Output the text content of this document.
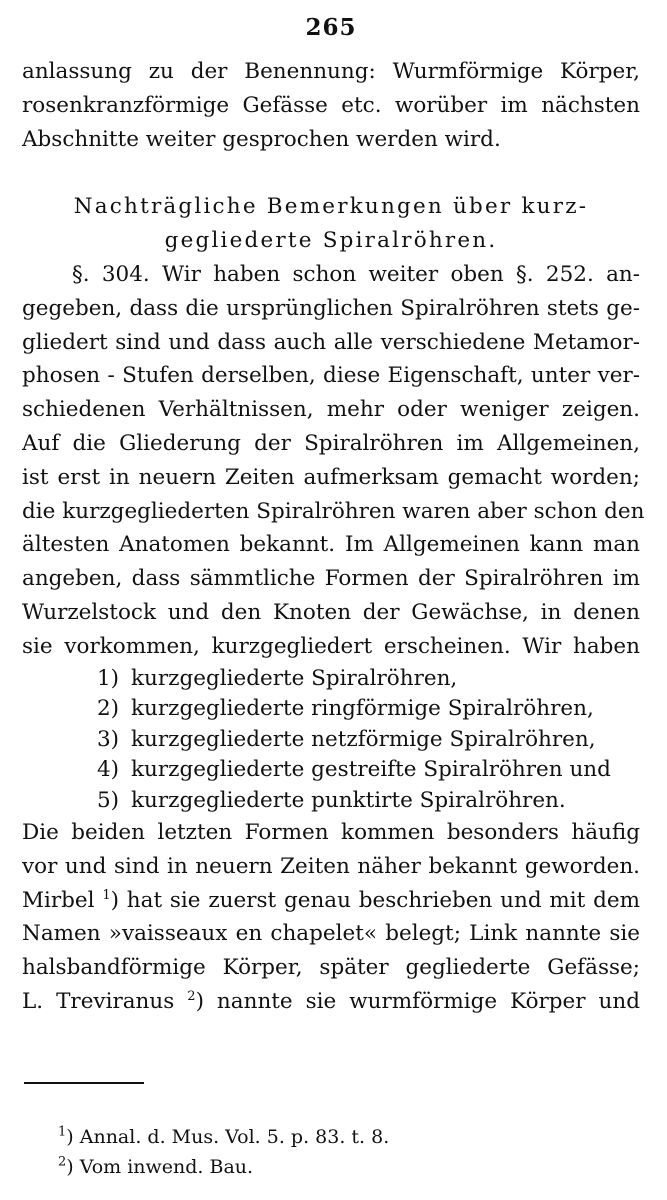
265
anlassung zu der Benennung: Wurmförmige Körper,
rosenkranzförmige Gefässe etc. worüber im nächsten
Abschnitte weiter gesprochen werden wird.
Nachträgliche Bemerkungen über kurz-
gegliederte Spiralröhren.
§. 304. Wir haben schon weiter oben §. 252. an-
gegeben, dass die ursprünglichen Spiralröhren stets ge-
gliedert sind und dass auch alle verschiedene Metamor-
phosen - Stufen derselben, diese Eigenschaft, unter ver-
schiedenen Verhältnissen, mehr oder weniger zeigen.
Auf die Gliederung der Spiralröhren im Allgemeinen,
ist erst in neuern Zeiten aufmerksam gemacht worden;
die kurzgegliederten Spiralröhren waren aber schon den
ältesten Anatomen bekannt. Im Allgemeinen kann man
angeben, dass sämmtliche Formen der Spiralröhren im
Wurzelstock und den Knoten der Gewächse, in denen
sie vorkommen, kurzgegliedert erscheinen. Wir haben
1) kurzgegliederte Spiralröhren,
2) kurzgegliederte ringförmige Spiralröhren,
3) kurzgegliederte netzförmige Spiralröhren,
4) kurzgegliederte gestreifte Spiralröhren und
5) kurzgegliederte punktirte Spiralröhren.
Die beiden letzten Formen kommen besonders häufig
vor und sind in neuern Zeiten näher bekannt geworden.
Mirbel $^1$) hat sie zuerst genau beschrieben und mit dem
Namen »vaisseaux en chapelet« belegt; Link nannte sie
halsbandförmige Körper, später gegliederte Gefässe;
L. Treviranus $^2$) nannte sie wurmförmige Körper und
$^1$) Annal. d. Mus. Vol. 5. p. 83. t. 8.
$^2$) Vom inwend. Bau.
